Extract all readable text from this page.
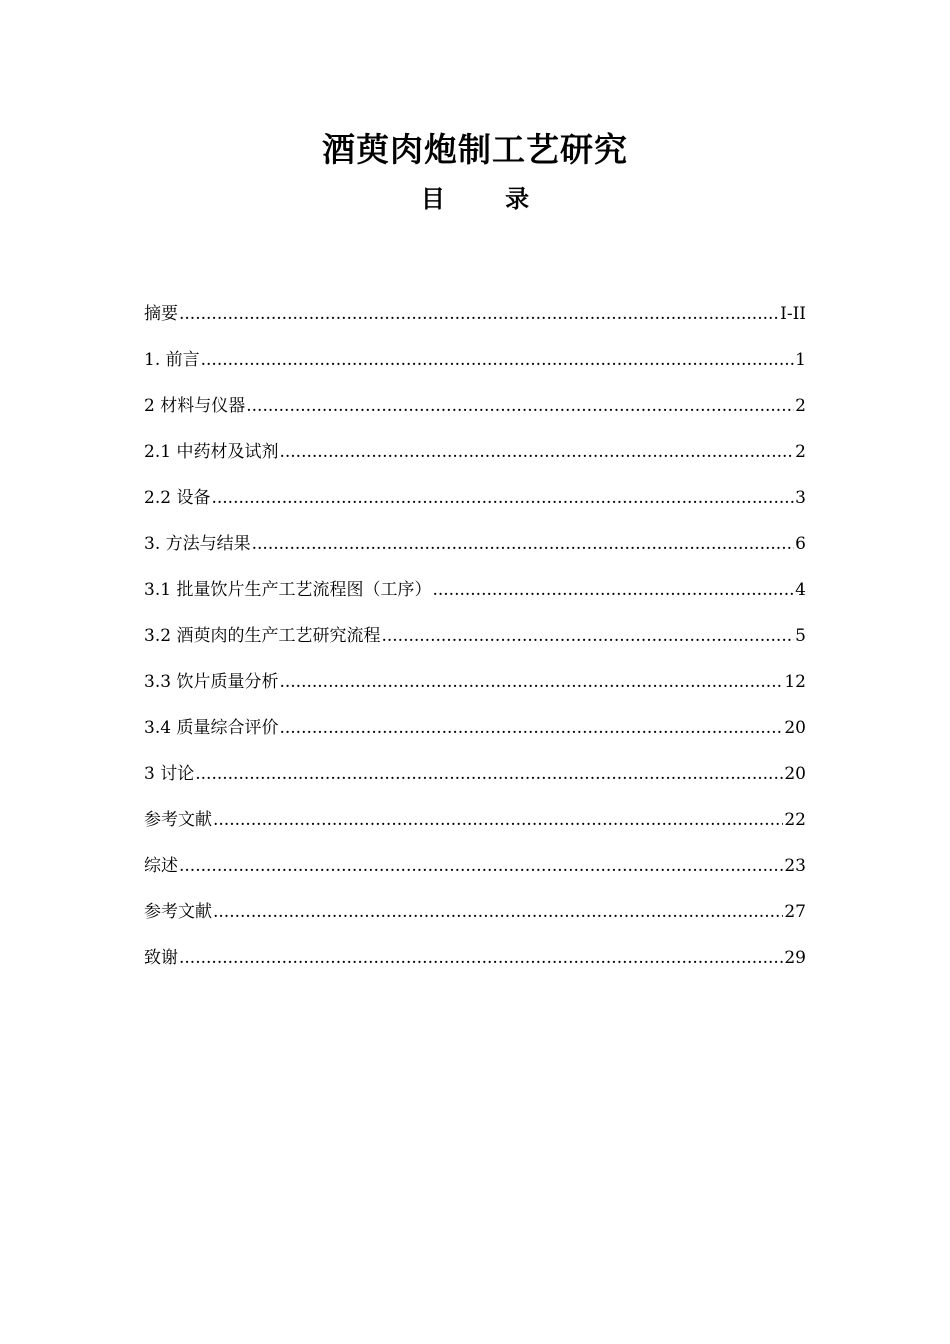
酒萸肉炮制工艺研究
目 录
摘要 .....	I-II
1. 前言 .....	1
2 材料与仪器 .....	2
2.1 中药材及试剂 .....	2
2.2 设备 .....	3
3. 方法与结果 .....	6
3.1 批量饮片生产工艺流程图（工序） .....	4
3.2 酒萸肉的生产工艺研究流程 .....	5
3.3 饮片质量分析 .....	12
3.4 质量综合评价 .....	20
3 讨论 .....	20
参考文献 .....	22
综述 .....	23
参考文献 .....	27
致谢 .....	29
